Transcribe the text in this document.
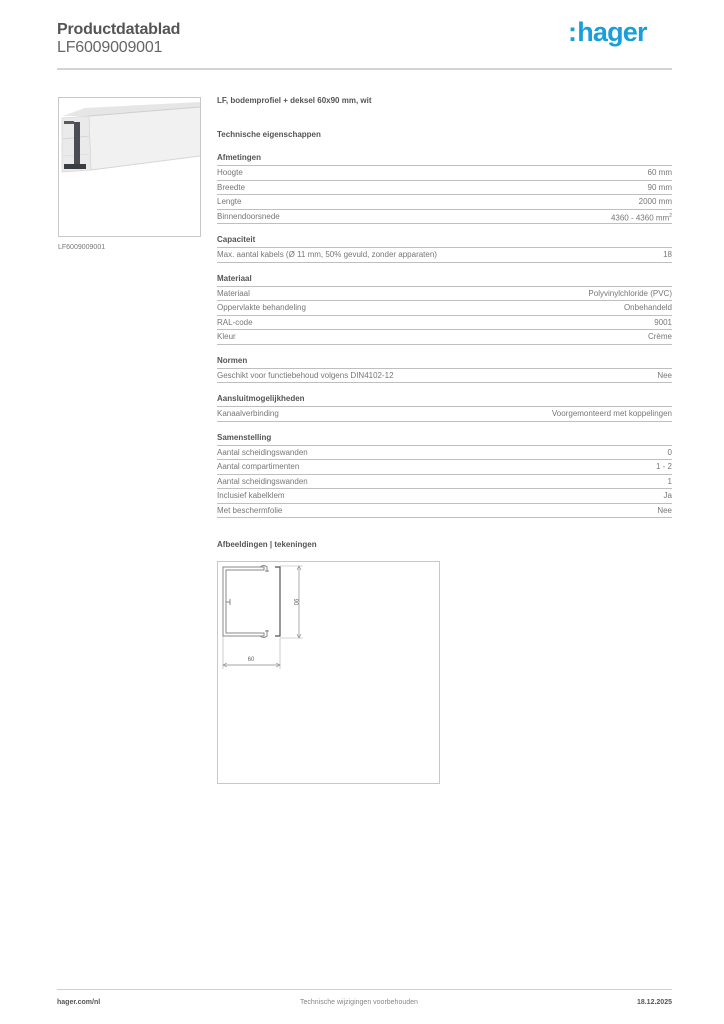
Productdatablad
LF6009009001
:hager
LF6009009001
LF, bodemprofiel + deksel 60x90 mm, wit
Technische eigenschappen
Afmetingen
Hoogte	60 mm
Breedte	90 mm
Lengte	2000 mm
Binnendoorsnede	4360 - 4360 $mm^2$
Capaciteit
Max. aantal kabels (Ø 11 mm, 50% gevuld, zonder apparaten)	18
Materiaal
Materiaal	Polyvinylchloride (PVC)
Oppervlakte behandeling	Onbehandeld
RAL-code	9001
Kleur	Crème
Normen
Geschikt voor functiebehoud volgens DIN4102-12	Nee
Aansluitmogelijkheden
Kanaalverbinding	Voorgemonteerd met koppelingen
Samenstelling
Aantal scheidingswanden	0
Aantal compartimenten	1 - 2
Aantal scheidingswanden	1
Inclusief kabelklem	Ja
Met beschermfolie	Nee
Afbeeldingen | tekeningen
60
90
hager.com/nl	Technische wijzigingen voorbehouden	18.12.2025
